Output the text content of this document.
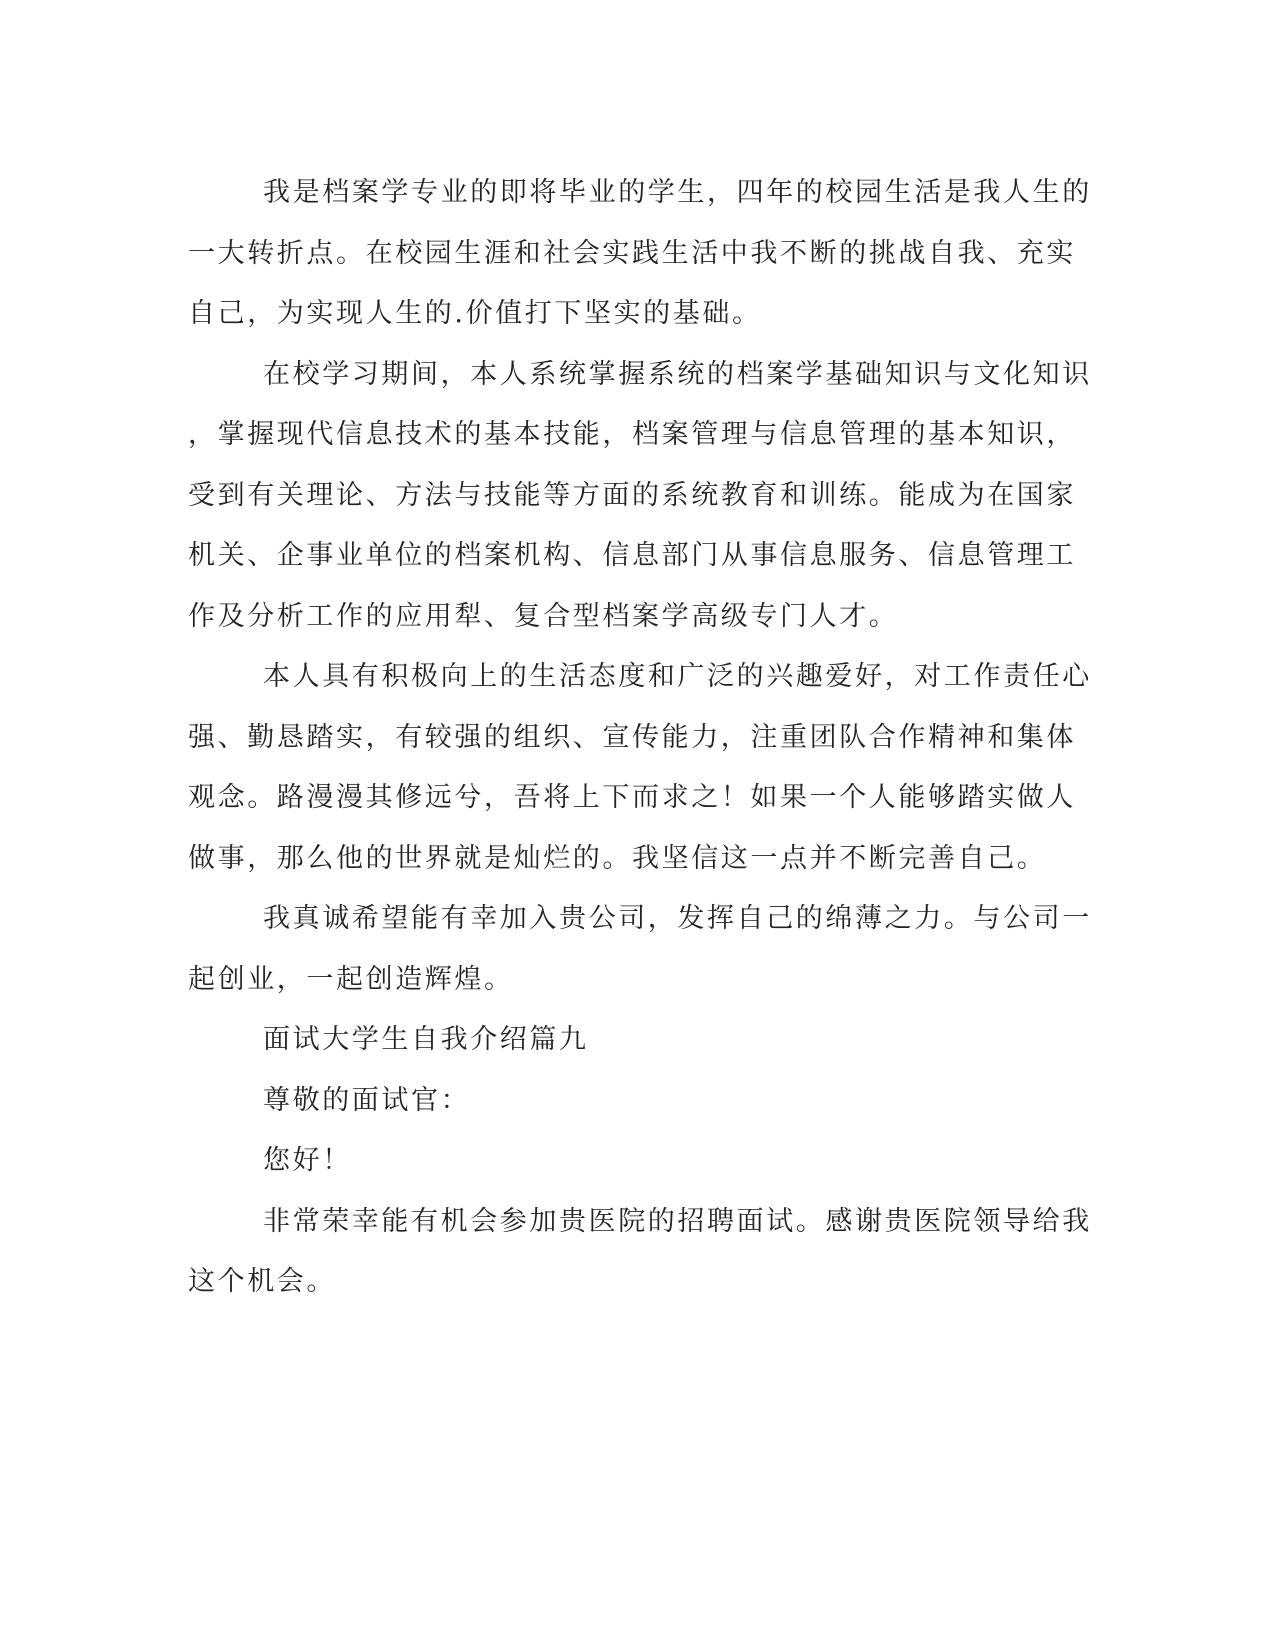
我是档案学专业的即将毕业的学生，四年的校园生活是我人生的
一大转折点。在校园生涯和社会实践生活中我不断的挑战自我、充实
自己，为实现人生的.价值打下坚实的基础。
在校学习期间，本人系统掌握系统的档案学基础知识与文化知识
，掌握现代信息技术的基本技能，档案管理与信息管理的基本知识，
受到有关理论、方法与技能等方面的系统教育和训练。能成为在国家
机关、企事业单位的档案机构、信息部门从事信息服务、信息管理工
作及分析工作的应用犁、复合型档案学高级专门人才。
本人具有积极向上的生活态度和广泛的兴趣爱好，对工作责任心
强、勤恳踏实，有较强的组织、宣传能力，注重团队合作精神和集体
观念。路漫漫其修远兮，吾将上下而求之！如果一个人能够踏实做人
做事，那么他的世界就是灿烂的。我坚信这一点并不断完善自己。
我真诚希望能有幸加入贵公司，发挥自己的绵薄之力。与公司一
起创业，一起创造辉煌。
面试大学生自我介绍篇九
尊敬的面试官：
您好！
非常荣幸能有机会参加贵医院的招聘面试。感谢贵医院领导给我
这个机会。
